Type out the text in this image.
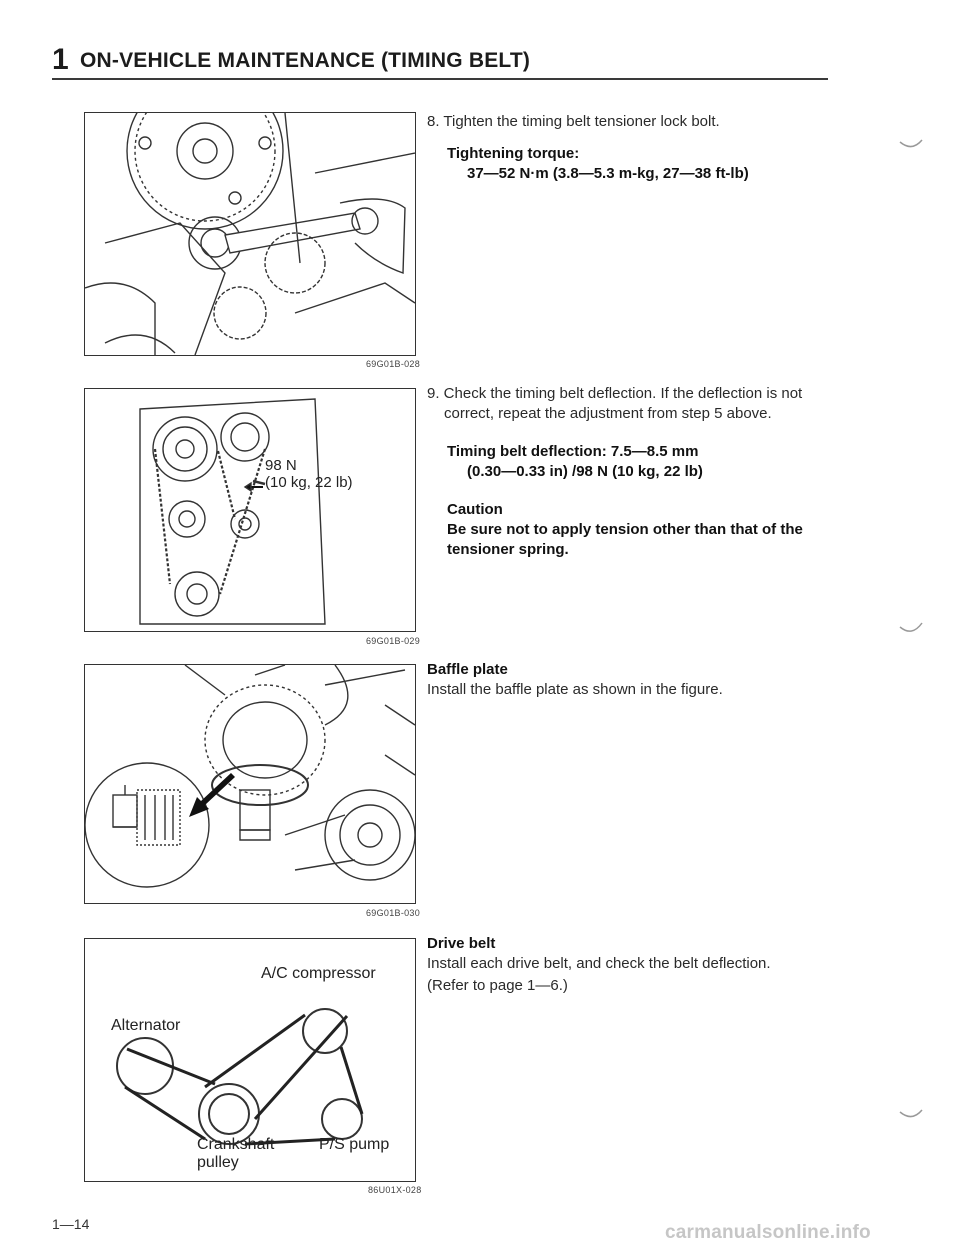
1 ON-VEHICLE MAINTENANCE (TIMING BELT)
69G01B-028
98 N
(10 kg, 22 lb)
69G01B-029
69G01B-030
A/C compressor
Alternator
Crankshaft
pulley
P/S pump
86U01X-028

8. Tighten the timing belt tensioner lock bolt.

Tightening torque:
37—52 N·m (3.8—5.3 m-kg, 27—38 ft-lb)

9. Check the timing belt deflection. If the deflection is not correct, repeat the adjustment from step 5 above.

Timing belt deflection: 7.5—8.5 mm
(0.30—0.33 in) /98 N (10 kg, 22 lb)
Caution
Be sure not to apply tension other than that of the tensioner spring.
Baffle plate
Install the baffle plate as shown in the figure.
Drive belt
Install each drive belt, and check the belt deflection.
(Refer to page 1—6.)
1—14	carmanualsonline.info
